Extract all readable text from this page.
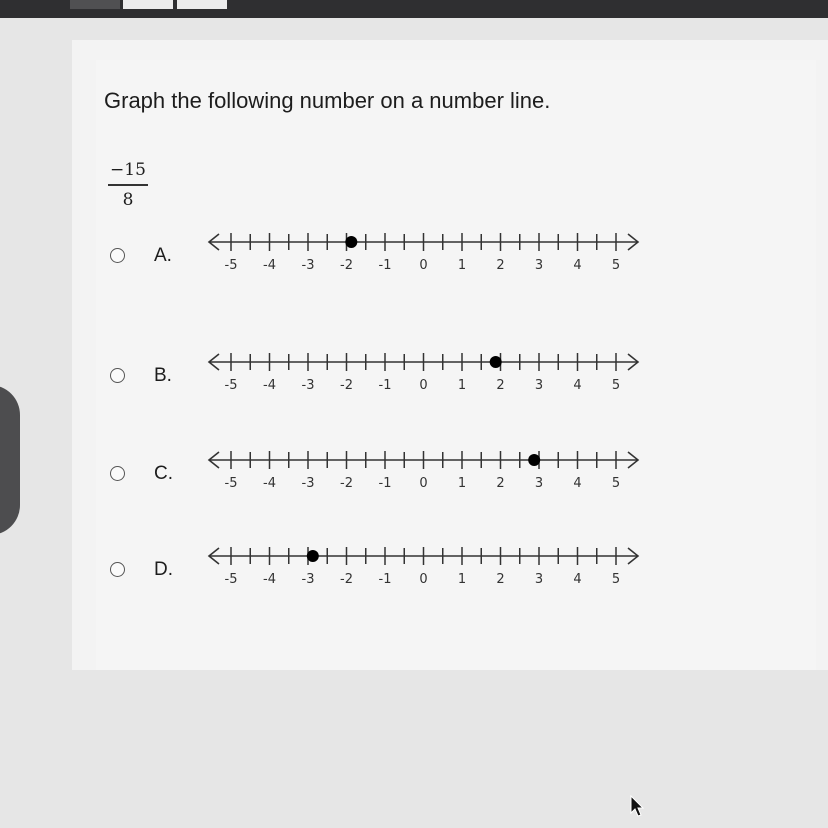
Graph the following number on a number line.
−15
8
A.	-5 -4 -3 -2 -1 0 1 2 3 4 5
B.	-5 -4 -3 -2 -1 0 1 2 3 4 5
C.	-5 -4 -3 -2 -1 0 1 2 3 4 5
D.	-5 -4 -3 -2 -1 0 1 2 3 4 5
